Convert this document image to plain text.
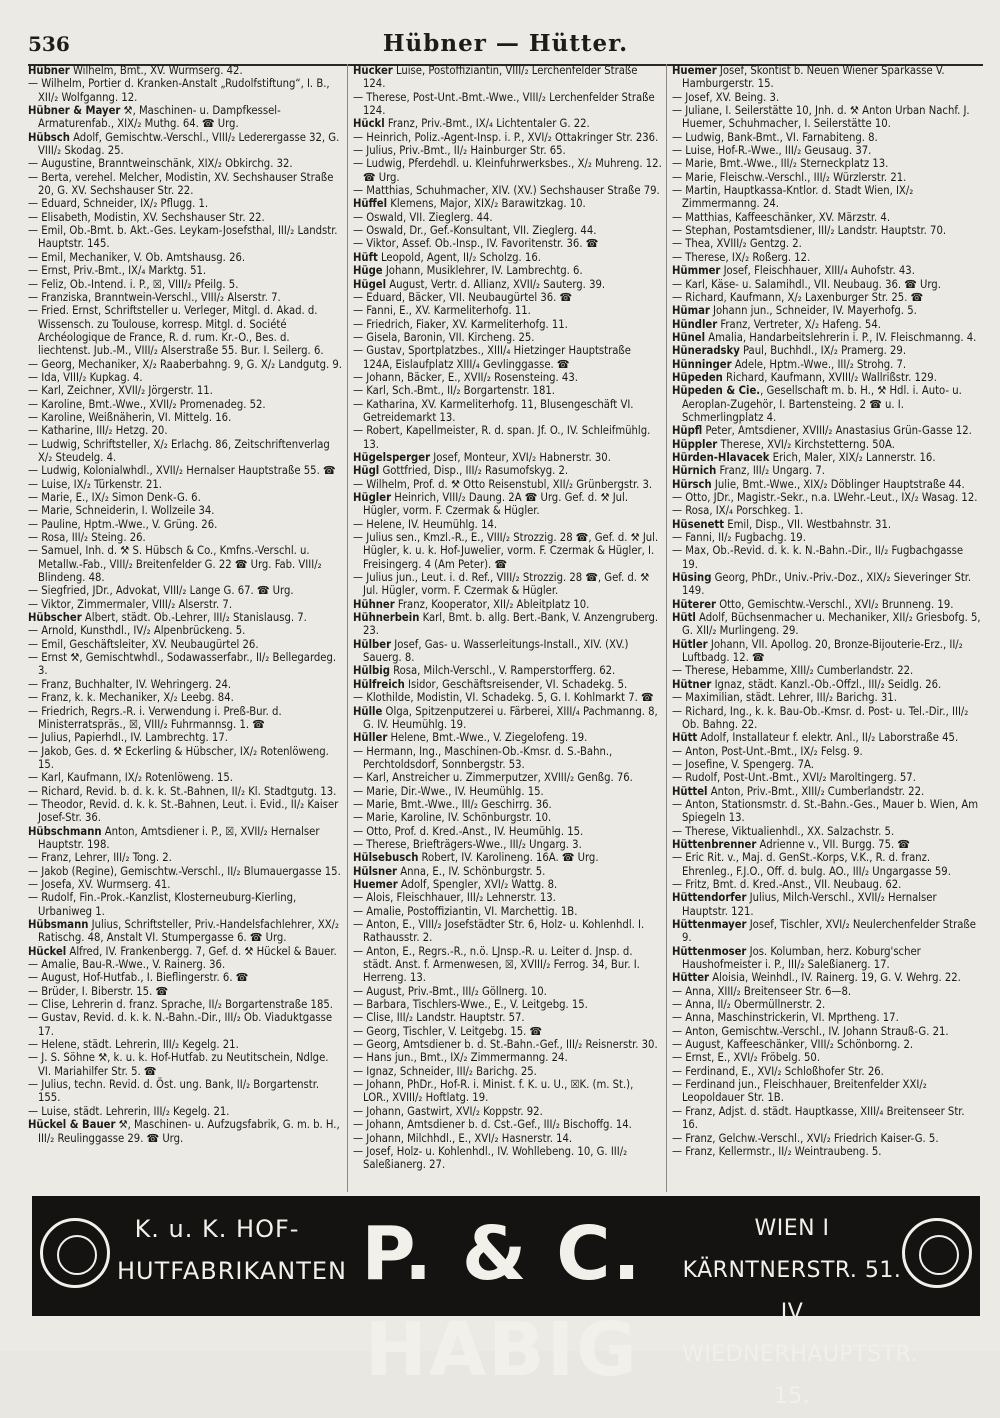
536	Hübner — Hütter.

Hübner Wilhelm, Bmt., XV. Wurmserg. 42.

— Wilhelm, Portier d. Kranken-Anstalt „Rudolfstiftung“, I. B., XII/₂ Wolfganng. 12.

Hübner & Mayer ⚒, Maschinen- u. Dampfkessel-Armaturenfab., XIX/₂ Muthg. 64. ☎ Urg.

Hübsch Adolf, Gemischtw.-Verschl., VIII/₂ Lederergasse 32, G. VIII/₂ Skodag. 25.

— Augustine, Branntweinschänk, XIX/₂ Obkirchg. 32.

— Berta, verehel. Melcher, Modistin, XV. Sechshauser Straße 20, G. XV. Sechshauser Str. 22.

— Eduard, Schneider, IX/₂ Pflugg. 1.

— Elisabeth, Modistin, XV. Sechshauser Str. 22.

— Emil, Ob.-Bmt. b. Akt.-Ges. Leykam-Josefsthal, III/₂ Landstr. Hauptstr. 145.

— Emil, Mechaniker, V. Ob. Amtshausg. 26.

— Ernst, Priv.-Bmt., IX/₄ Marktg. 51.

— Feliz, Ob.-Intend. i. P., ☒, VIII/₂ Pfeilg. 5.

— Franziska, Branntwein-Verschl., VIII/₂ Alserstr. 7.

— Fried. Ernst, Schriftsteller u. Verleger, Mitgl. d. Akad. d. Wissensch. zu Toulouse, korresp. Mitgl. d. Société Archéologique de France, R. d. rum. Kr.-O., Bes. d. liechtenst. Jub.-M., VIII/₂ Alserstraße 55. Bur. I. Seilerg. 6.

— Georg, Mechaniker, X/₂ Raaberbahng. 9, G. X/₂ Landgutg. 9.

— Ida, VIII/₂ Kupkag. 4.

— Karl, Zeichner, XVII/₂ Jörgerstr. 11.

— Karoline, Bmt.-Wwe., XVII/₂ Promenadeg. 52.

— Karoline, Weißnäherin, VI. Mittelg. 16.

— Katharine, III/₂ Hetzg. 20.

— Ludwig, Schriftsteller, X/₂ Erlachg. 86, Zeitschriftenverlag X/₂ Steudelg. 4.

— Ludwig, Kolonialwhdl., XVII/₂ Hernalser Hauptstraße 55. ☎

— Luise, IX/₂ Türkenstr. 21.

— Marie, E., IX/₂ Simon Denk-G. 6.

— Marie, Schneiderin, I. Wollzeile 34.

— Pauline, Hptm.-Wwe., V. Grüng. 26.

— Rosa, III/₂ Steing. 26.

— Samuel, Inh. d. ⚒ S. Hübsch & Co., Kmfns.-Verschl. u. Metallw.-Fab., VIII/₂ Breitenfelder G. 22 ☎ Urg. Fab. VIII/₂ Blindeng. 48.

— Siegfried, JDr., Advokat, VIII/₂ Lange G. 67. ☎ Urg.

— Viktor, Zimmermaler, VIII/₂ Alserstr. 7.

Hübscher Albert, städt. Ob.-Lehrer, III/₂ Stanislausg. 7.

— Arnold, Kunsthdl., IV/₂ Alpenbrückeng. 5.

— Emil, Geschäftsleiter, XV. Neubaugürtel 26.

— Ernst ⚒, Gemischtwhdl., Sodawasserfabr., II/₂ Bellegardeg. 3.

— Franz, Buchhalter, IV. Wehringerg. 24.

— Franz, k. k. Mechaniker, X/₂ Leebg. 84.

— Friedrich, Regrs.-R. i. Verwendung i. Preß-Bur. d. Ministerratspräs., ☒, VIII/₂ Fuhrmannsg. 1. ☎

— Julius, Papierhdl., IV. Lambrechtg. 17.

— Jakob, Ges. d. ⚒ Eckerling & Hübscher, IX/₂ Rotenlöweng. 15.

— Karl, Kaufmann, IX/₂ Rotenlöweng. 15.

— Richard, Revid. b. d. k. k. St.-Bahnen, II/₂ Kl. Stadtgutg. 13.

— Theodor, Revid. d. k. k. St.-Bahnen, Leut. i. Evid., II/₂ Kaiser Josef-Str. 36.

Hübschmann Anton, Amtsdiener i. P., ☒, XVII/₂ Hernalser Hauptstr. 198.

— Franz, Lehrer, III/₂ Tong. 2.

— Jakob (Regine), Gemischtw.-Verschl., II/₂ Blumauergasse 15.

— Josefa, XV. Wurmserg. 41.

— Rudolf, Fin.-Prok.-Kanzlist, Klosterneuburg-Kierling, Urbaniweg 1.

Hübsmann Julius, Schriftsteller, Priv.-Handelsfachlehrer, XX/₂ Ratischg. 48, Anstalt VI. Stumpergasse 6. ☎ Urg.

Hückel Alfred, IV. Frankenbergg. 7, Gef. d. ⚒ Hückel & Bauer.

— Amalie, Bau-R.-Wwe., V. Rainerg. 36.

— August, Hof-Hutfab., I. Bieflingerstr. 6. ☎

— Brüder, I. Biberstr. 15. ☎

— Clise, Lehrerin d. franz. Sprache, II/₂ Borgartenstraße 185.

— Gustav, Revid. d. k. k. N.-Bahn.-Dir., III/₂ Ob. Viaduktgasse 17.

— Helene, städt. Lehrerin, III/₂ Kegelg. 21.

— J. S. Söhne ⚒, k. u. k. Hof-Hutfab. zu Neutitschein, Ndlge. VI. Mariahilfer Str. 5. ☎

— Julius, techn. Revid. d. Öst. ung. Bank, II/₂ Borgartenstr. 155.

— Luise, städt. Lehrerin, III/₂ Kegelg. 21.

Hückel & Bauer ⚒, Maschinen- u. Aufzugsfabrik, G. m. b. H., III/₂ Reulinggasse 29. ☎ Urg.

Hücker Luise, Postoffiziantin, VIII/₂ Lerchenfelder Straße 124.

— Therese, Post-Unt.-Bmt.-Wwe., VIII/₂ Lerchenfelder Straße 124.

Hückl Franz, Priv.-Bmt., IX/₄ Lichtentaler G. 22.

— Heinrich, Poliz.-Agent-Insp. i. P., XVI/₂ Ottakringer Str. 236.

— Julius, Priv.-Bmt., II/₂ Hainburger Str. 65.

— Ludwig, Pferdehdl. u. Kleinfuhrwerksbes., X/₂ Muhreng. 12. ☎ Urg.

— Matthias, Schuhmacher, XIV. (XV.) Sechshauser Straße 79.

Hüffel Klemens, Major, XIX/₂ Barawitzkag. 10.

— Oswald, VII. Zieglerg. 44.

— Oswald, Dr., Gef.-Konsultant, VII. Zieglerg. 44.

— Viktor, Assef. Ob.-Insp., IV. Favoritenstr. 36. ☎

Hüft Leopold, Agent, II/₂ Scholzg. 16.

Hüge Johann, Musiklehrer, IV. Lambrechtg. 6.

Hügel August, Vertr. d. Allianz, XVII/₂ Sauterg. 39.

— Eduard, Bäcker, VII. Neubaugürtel 36. ☎

— Fanni, E., XV. Karmeliterhofg. 11.

— Friedrich, Fiaker, XV. Karmeliterhofg. 11.

— Gisela, Baronin, VII. Kircheng. 25.

— Gustav, Sportplatzbes., XIII/₄ Hietzinger Hauptstraße 124A, Eislaufplatz XIII/₄ Gevlinggasse. ☎

— Johann, Bäcker, E., XVII/₂ Rosensteing. 43.

— Karl, Sch.-Bmt., II/₂ Borgartenstr. 181.

— Katharina, XV. Karmeliterhofg. 11, Blusengeschäft VI. Getreidemarkt 13.

— Robert, Kapellmeister, R. d. span. Jf. O., IV. Schleifmühlg. 13.

Hügelsperger Josef, Monteur, XVI/₂ Habnerstr. 30.

Hügl Gottfried, Disp., III/₂ Rasumofskyg. 2.

— Wilhelm, Prof. d. ⚒ Otto Reisenstubl, XII/₂ Grünbergstr. 3.

Hügler Heinrich, VIII/₂ Daung. 2A ☎ Urg. Gef. d. ⚒ Jul. Hügler, vorm. F. Czermak & Hügler.

— Helene, IV. Heumühlg. 14.

— Julius sen., Kmzl.-R., E., VIII/₂ Strozzig. 28 ☎, Gef. d. ⚒ Jul. Hügler, k. u. k. Hof-Juwelier, vorm. F. Czermak & Hügler, I. Freisingerg. 4 (Am Peter). ☎

— Julius jun., Leut. i. d. Ref., VIII/₂ Strozzig. 28 ☎, Gef. d. ⚒ Jul. Hügler, vorm. F. Czermak & Hügler.

Hühner Franz, Kooperator, XII/₂ Ableitplatz 10.

Hühnerbein Karl, Bmt. b. allg. Bert.-Bank, V. Anzengruberg. 23.

Hülber Josef, Gas- u. Wasserleitungs-Install., XIV. (XV.) Sauerg. 8.

Hülbig Rosa, Milch-Verschl., V. Ramperstorfferg. 62.

Hülfreich Isidor, Geschäftsreisender, VI. Schadekg. 5.

— Klothilde, Modistin, VI. Schadekg. 5, G. I. Kohlmarkt 7. ☎

Hülle Olga, Spitzenputzerei u. Färberei, XIII/₄ Pachmanng. 8, G. IV. Heumühlg. 19.

Hüller Helene, Bmt.-Wwe., V. Ziegelofeng. 19.

— Hermann, Ing., Maschinen-Ob.-Kmsr. d. S.-Bahn., Perchtoldsdorf, Sonnbergstr. 53.

— Karl, Anstreicher u. Zimmerputzer, XVIII/₂ Genßg. 76.

— Marie, Dir.-Wwe., IV. Heumühlg. 15.

— Marie, Bmt.-Wwe., III/₂ Geschirrg. 36.

— Marie, Karoline, IV. Schönburgstr. 10.

— Otto, Prof. d. Kred.-Anst., IV. Heumühlg. 15.

— Therese, Briefträgers-Wwe., III/₂ Ungarg. 3.

Hülsebusch Robert, IV. Karolineng. 16A. ☎ Urg.

Hülsner Anna, E., IV. Schönburgstr. 5.

Huemer Adolf, Spengler, XVI/₂ Wattg. 8.

— Alois, Fleischhauer, III/₂ Lehnerstr. 13.

— Amalie, Postoffiziantin, VI. Marchettig. 1B.

— Anton, E., VIII/₂ Josefstädter Str. 6, Holz- u. Kohlenhdl. I. Rathausstr. 2.

— Anton, E., Regrs.-R., n.ö. LJnsp.-R. u. Leiter d. Jnsp. d. städt. Anst. f. Armenwesen, ☒, XVIII/₂ Ferrog. 34, Bur. I. Herreng. 13.

— August, Priv.-Bmt., III/₂ Göllnerg. 10.

— Barbara, Tischlers-Wwe., E., V. Leitgebg. 15.

— Clise, III/₂ Landstr. Hauptstr. 57.

— Georg, Tischler, V. Leitgebg. 15. ☎

— Georg, Amtsdiener b. d. St.-Bahn.-Gef., III/₂ Reisnerstr. 30.

— Hans jun., Bmt., IX/₂ Zimmermanng. 24.

— Ignaz, Schneider, III/₂ Barichg. 25.

— Johann, PhDr., Hof-R. i. Minist. f. K. u. U., ☒K. (m. St.), LOR., XVIII/₂ Hoftlatg. 19.

— Johann, Gastwirt, XVI/₂ Koppstr. 92.

— Johann, Amtsdiener b. d. Cst.-Gef., III/₂ Bischoffg. 14.

— Johann, Milchhdl., E., XVI/₂ Hasnerstr. 14.

— Josef, Holz- u. Kohlenhdl., IV. Wohllebeng. 10, G. III/₂ Saleßianerg. 27.

Huemer Josef, Skontist b. Neuen Wiener Sparkasse V. Hamburgerstr. 15.

— Josef, XV. Being. 3.

— Juliane, I. Seilerstätte 10, Jnh. d. ⚒ Anton Urban Nachf. J. Huemer, Schuhmacher, I. Seilerstätte 10.

— Ludwig, Bank-Bmt., VI. Farnabiteng. 8.

— Luise, Hof-R.-Wwe., III/₂ Geusaug. 37.

— Marie, Bmt.-Wwe., III/₂ Sterneckplatz 13.

— Marie, Fleischw.-Verschl., III/₂ Würzlerstr. 21.

— Martin, Hauptkassa-Kntlor. d. Stadt Wien, IX/₂ Zimmermanng. 24.

— Matthias, Kaffeeschänker, XV. Märzstr. 4.

— Stephan, Postamtsdiener, III/₂ Landstr. Hauptstr. 70.

— Thea, XVIII/₂ Gentzg. 2.

— Therese, IX/₂ Roßerg. 12.

Hümmer Josef, Fleischhauer, XIII/₄ Auhofstr. 43.

— Karl, Käse- u. Salamihdl., VII. Neubaug. 36. ☎ Urg.

— Richard, Kaufmann, X/₂ Laxenburger Str. 25. ☎

Hümar Johann jun., Schneider, IV. Mayerhofg. 5.

Hündler Franz, Vertreter, X/₂ Hafeng. 54.

Hünel Amalia, Handarbeitslehrerin i. P., IV. Fleischmanng. 4.

Hüneradsky Paul, Buchhdl., IX/₂ Pramerg. 29.

Hünninger Adele, Hptm.-Wwe., III/₂ Strohg. 7.

Hüpeden Richard, Kaufmann, XVIII/₂ Wallrißstr. 129.

Hüpeden & Cie., Gesellschaft m. b. H., ⚒ Hdl. i. Auto- u. Aeroplan-Zugehör, I. Bartensteing. 2 ☎ u. I. Schmerlingplatz 4.

Hüpfl Peter, Amtsdiener, XVIII/₂ Anastasius Grün-Gasse 12.

Hüppler Therese, XVI/₂ Kirchstetterng. 50A.

Hürden-Hlavacek Erich, Maler, XIX/₂ Lannerstr. 16.

Hürnich Franz, III/₂ Ungarg. 7.

Hürsch Julie, Bmt.-Wwe., XIX/₂ Döblinger Hauptstraße 44.

— Otto, JDr., Magistr.-Sekr., n.a. LWehr.-Leut., IX/₂ Wasag. 12.

— Rosa, IX/₄ Porschkeg. 1.

Hüsenett Emil, Disp., VII. Westbahnstr. 31.

— Fanni, II/₂ Fugbachg. 19.

— Max, Ob.-Revid. d. k. k. N.-Bahn.-Dir., II/₂ Fugbachgasse 19.

Hüsing Georg, PhDr., Univ.-Priv.-Doz., XIX/₂ Sieveringer Str. 149.

Hüterer Otto, Gemischtw.-Verschl., XVI/₂ Brunneng. 19.

Hütl Adolf, Büchsenmacher u. Mechaniker, XII/₂ Griesbofg. 5, G. XII/₂ Murlingeng. 29.

Hütler Johann, VII. Apollog. 20, Bronze-Bijouterie-Erz., II/₂ Luftbadg. 12. ☎

— Therese, Hebamme, XIII/₂ Cumberlandstr. 22.

Hütner Ignaz, städt. Kanzl.-Ob.-Offzl., III/₂ Seidlg. 26.

— Maximilian, städt. Lehrer, III/₂ Barichg. 31.

— Richard, Ing., k. k. Bau-Ob.-Kmsr. d. Post- u. Tel.-Dir., III/₂ Ob. Bahng. 22.

Hütt Adolf, Installateur f. elektr. Anl., II/₂ Laborstraße 45.

— Anton, Post-Unt.-Bmt., IX/₂ Felsg. 9.

— Josefine, V. Spengerg. 7A.

— Rudolf, Post-Unt.-Bmt., XVI/₂ Maroltingerg. 57.

Hüttel Anton, Priv.-Bmt., XIII/₂ Cumberlandstr. 22.

— Anton, Stationsmstr. d. St.-Bahn.-Ges., Mauer b. Wien, Am Spiegeln 13.

— Therese, Viktualienhdl., XX. Salzachstr. 5.

Hüttenbrenner Adrienne v., VII. Burgg. 75. ☎

— Eric Rit. v., Maj. d. GenSt.-Korps, V.K., R. d. franz. Ehrenleg., F.J.O., Off. d. bulg. AO., III/₂ Ungargasse 59.

— Fritz, Bmt. d. Kred.-Anst., VII. Neubaug. 62.

Hüttendorfer Julius, Milch-Verschl., XVII/₂ Hernalser Hauptstr. 121.

Hüttenmayer Josef, Tischler, XVI/₂ Neulerchenfelder Straße 9.

Hüttenmoser Jos. Kolumban, herz. Koburg'scher Haushofmeister i. P., III/₂ Saleßianerg. 17.

Hütter Aloisia, Weinhdl., IV. Rainerg. 19, G. V. Wehrg. 22.

— Anna, XIII/₂ Breitenseer Str. 6—8.

— Anna, II/₂ Obermüllnerstr. 2.

— Anna, Maschinstrickerin, VI. Mprtheng. 17.

— Anton, Gemischtw.-Verschl., IV. Johann Strauß-G. 21.

— August, Kaffeeschänker, VIII/₂ Schönborng. 2.

— Ernst, E., XVI/₂ Fröbelg. 50.

— Ferdinand, E., XVI/₂ Schloßhofer Str. 26.

— Ferdinand jun., Fleischhauer, Breitenfelder XXI/₂ Leopoldauer Str. 1B.

— Franz, Adjst. d. städt. Hauptkasse, XIII/₄ Breitenseer Str. 16.

— Franz, Gelchw.-Verschl., XVI/₂ Friedrich Kaiser-G. 5.

— Franz, Kellermstr., II/₂ Weintraubeng. 5.

K. u. K. HOF-
HUTFABRIKANTEN P. & C. HABIG
WIEN I KÄRNTNERSTR. 51.
IV WIEDNERHAUPTSTR. 15.
